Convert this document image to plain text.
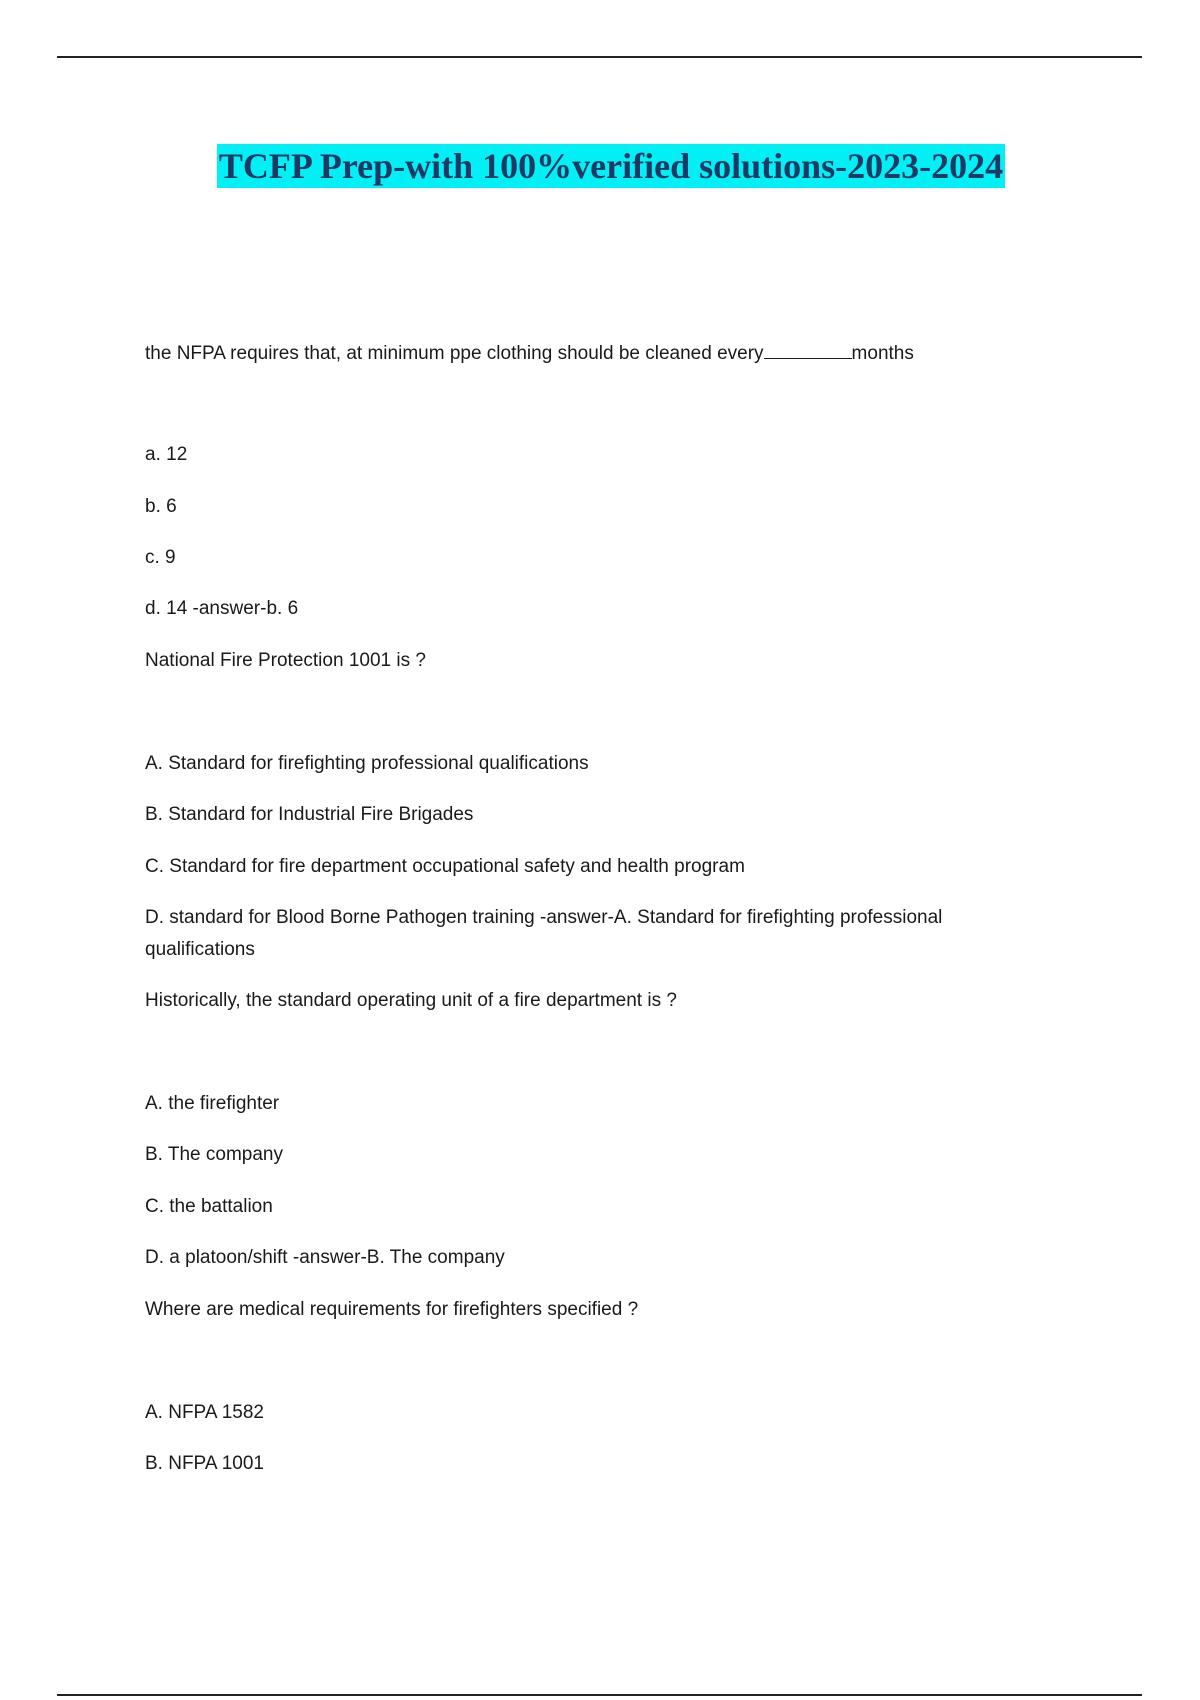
TCFP Prep-with 100%verified solutions-2023-2024
the NFPA requires that, at minimum ppe clothing should be cleaned every	months
a. 12
b. 6
c. 9
d. 14 -answer-b. 6
National Fire Protection 1001 is ?
A. Standard for firefighting professional qualifications
B. Standard for Industrial Fire Brigades
C. Standard for fire department occupational safety and health program
D. standard for Blood Borne Pathogen training -answer-A. Standard for firefighting professional
qualifications
Historically, the standard operating unit of a fire department is ?
A. the firefighter
B. The company
C. the battalion
D. a platoon/shift -answer-B. The company
Where are medical requirements for firefighters specified ?
A. NFPA 1582
B. NFPA 1001
